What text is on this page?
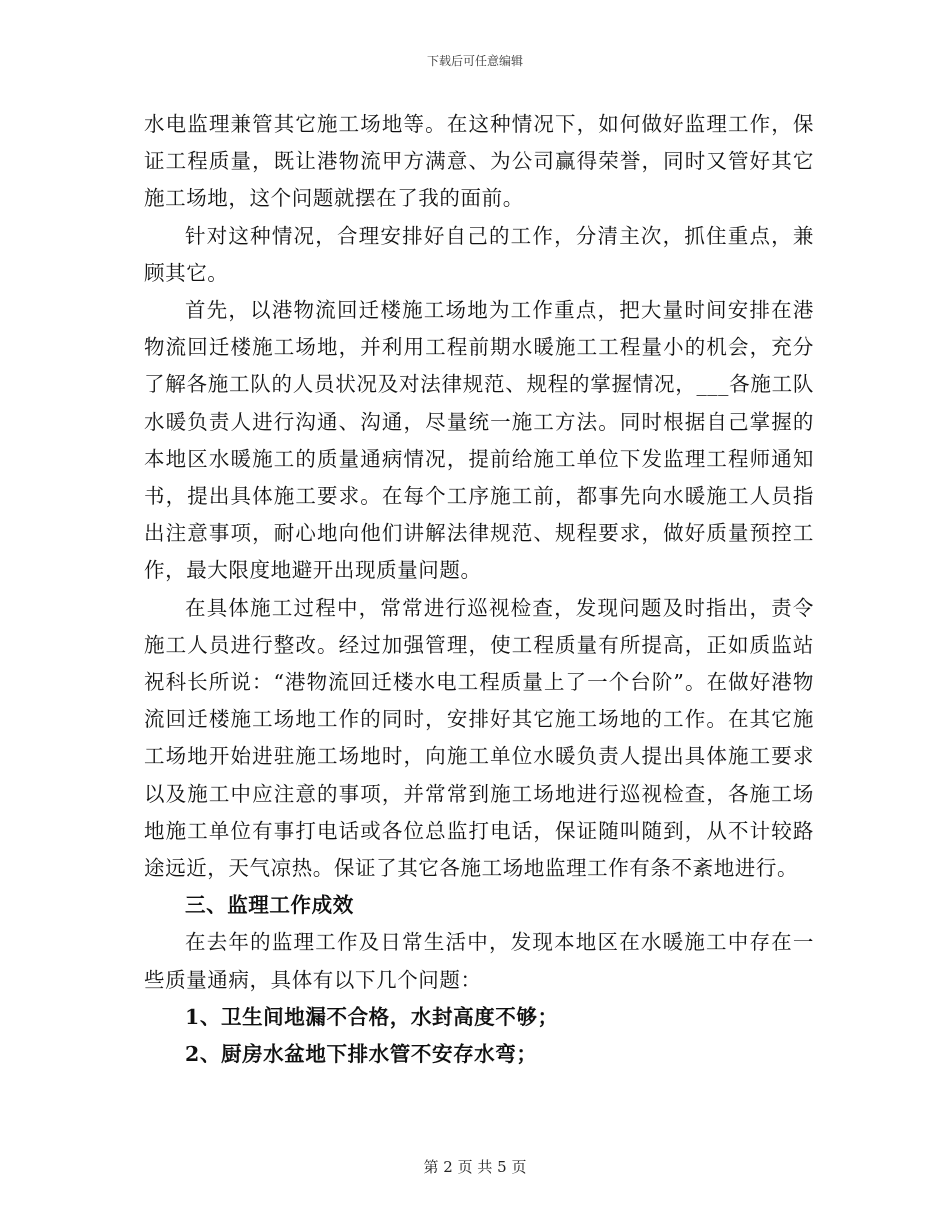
下载后可任意编辑

水电监理兼管其它施工场地等。在这种情况下，如何做好监理工作，保证工程质量，既让港物流甲方满意、为公司赢得荣誉，同时又管好其它施工场地，这个问题就摆在了我的面前。

针对这种情况，合理安排好自己的工作，分清主次，抓住重点，兼顾其它。

首先，以港物流回迁楼施工场地为工作重点，把大量时间安排在港物流回迁楼施工场地，并利用工程前期水暖施工工程量小的机会，充分了解各施工队的人员状况及对法律规范、规程的掌握情况，___各施工队水暖负责人进行沟通、沟通，尽量统一施工方法。同时根据自己掌握的本地区水暖施工的质量通病情况，提前给施工单位下发监理工程师通知书，提出具体施工要求。在每个工序施工前，都事先向水暖施工人员指出注意事项，耐心地向他们讲解法律规范、规程要求，做好质量预控工作，最大限度地避开出现质量问题。

在具体施工过程中，常常进行巡视检查，发现问题及时指出，责令施工人员进行整改。经过加强管理，使工程质量有所提高，正如质监站祝科长所说：“港物流回迁楼水电工程质量上了一个台阶”。在做好港物流回迁楼施工场地工作的同时，安排好其它施工场地的工作。在其它施工场地开始进驻施工场地时，向施工单位水暖负责人提出具体施工要求以及施工中应注意的事项，并常常到施工场地进行巡视检查，各施工场地施工单位有事打电话或各位总监打电话，保证随叫随到，从不计较路途远近，天气凉热。保证了其它各施工场地监理工作有条不紊地进行。

三、监理工作成效

在去年的监理工作及日常生活中，发现本地区在水暖施工中存在一些质量通病，具体有以下几个问题：

1、卫生间地漏不合格，水封高度不够；

2、厨房水盆地下排水管不安存水弯；

第 2 页 共 5 页
